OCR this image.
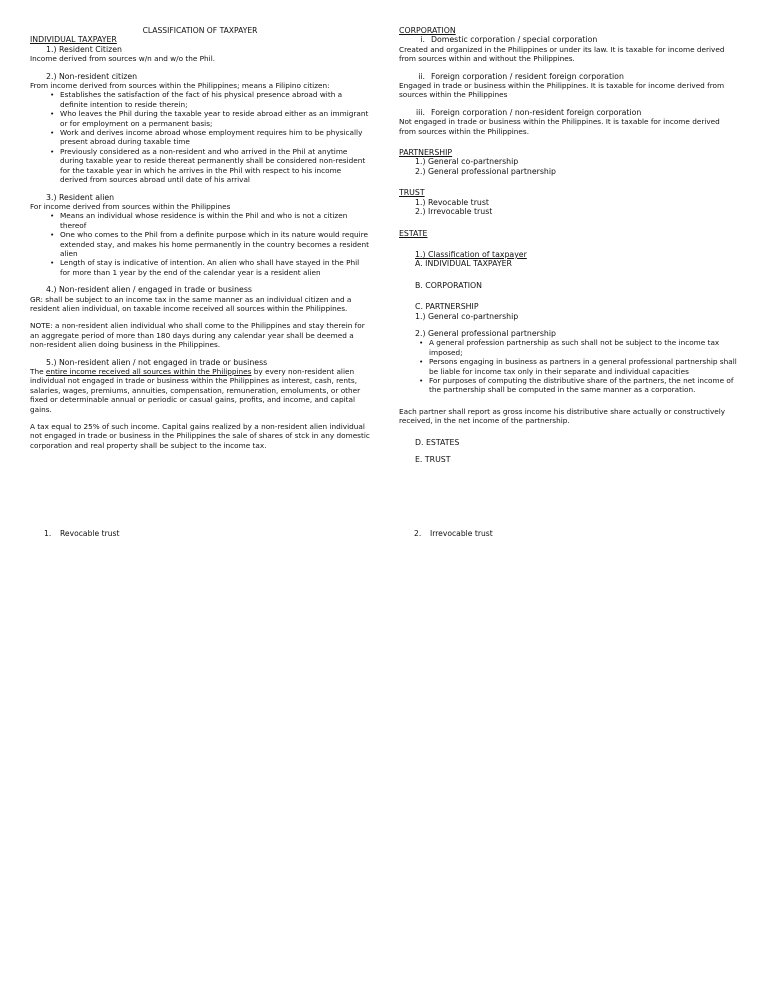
CLASSIFICATION OF TAXPAYER

INDIVIDUAL TAXPAYER

1.) Resident Citizen

Income derived from sources w/n and w/o the Phil.

2.) Non-resident citizen

From income derived from sources within the Philippines; means a Filipino citizen:

• Establishes the satisfaction of the fact of his physical presence abroad with a definite intention to reside therein;
• Who leaves the Phil during the taxable year to reside abroad either as an immigrant or for employment on a permanent basis;
• Work and derives income abroad whose employment requires him to be physically present abroad during taxable time
• Previously considered as a non-resident and who arrived in the Phil at anytime during taxable year to reside thereat permanently shall be considered non-resident for the taxable year in which he arrives in the Phil with respect to his income derived from sources abroad until date of his arrival

3.) Resident alien

For income derived from sources within the Philippines

• Means an individual whose residence is within the Phil and who is not a citizen thereof
• One who comes to the Phil from a definite purpose which in its nature would require extended stay, and makes his home permanently in the country becomes a resident alien
• Length of stay is indicative of intention. An alien who shall have stayed in the Phil for more than 1 year by the end of the calendar year is a resident alien

4.) Non-resident alien / engaged in trade or business

GR: shall be subject to an income tax in the same manner as an individual citizen and a resident alien individual, on taxable income received all sources within the Philippines.

NOTE: a non-resident alien individual who shall come to the Philippines and stay therein for an aggregate period of more than 180 days during any calendar year shall be deemed a non-resident alien doing business in the Philippines.

5.) Non-resident alien / not engaged in trade or business

The entire income received all sources within the Philippines by every non-resident alien individual not engaged in trade or business within the Philippines as interest, cash, rents, salaries, wages, premiums, annuities, compensation, remuneration, emoluments, or other fixed or determinable annual or periodic or casual gains, profits, and income, and capital gains.

A tax equal to 25% of such income. Capital gains realized by a non-resident alien individual not engaged in trade or business in the Philippines the sale of shares of stck in any domestic corporation and real property shall be subject to the income tax.

CORPORATION

i. Domestic corporation / special corporation

Created and organized in the Philippines or under its law. It is taxable for income derived from sources within and without the Philippines.

ii. Foreign corporation / resident foreign corporation

Engaged in trade or business within the Philippines. It is taxable for income derived from sources within the Philippines

iii. Foreign corporation / non-resident foreign corporation

Not engaged in trade or business within the Philippines. It is taxable for income derived from sources within the Philippines.

PARTNERSHIP

1.) General co-partnership

2.) General professional partnership

TRUST

1.) Revocable trust

2.) Irrevocable trust

ESTATE

1.) Classification of taxpayer

A. INDIVIDUAL TAXPAYER

B. CORPORATION

C. PARTNERSHIP

1.) General co-partnership

2.) General professional partnership

• A general profession partnership as such shall not be subject to the income tax imposed;
• Persons engaging in business as partners in a general professional partnership shall be liable for income tax only in their separate and individual capacities
• For purposes of computing the distributive share of the partners, the net income of the partnership shall be computed in the same manner as a corporation.

Each partner shall report as gross income his distributive share actually or constructively received, in the net income of the partnership.

D. ESTATES

E. TRUST

1. Revocable trust	2. Irrevocable trust
